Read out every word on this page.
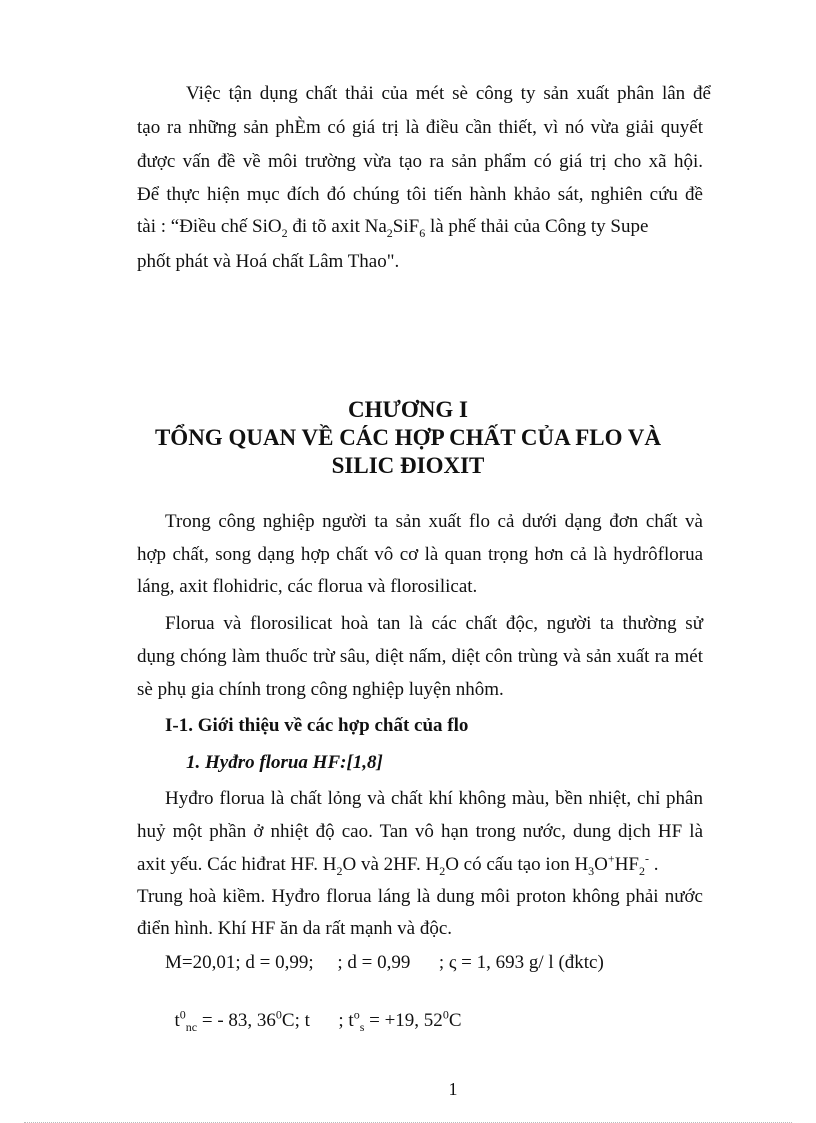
Việc tận dụng chất thải của mét sè công ty sản xuất phân lân để
tạo ra những sản phÈm có giá trị là điều cần thiết, vì nó vừa giải quyết
được vấn đề về môi trường vừa tạo ra sản phẩm có giá trị cho xã hội.
Để thực hiện mục đích đó chúng tôi tiến hành khảo sát, nghiên cứu đề
tài : “Điều chế SiO$_2$ đi tõ axit $Na_2SiF_6$ là phế thải của Công ty Supe
phốt phát và Hoá chất Lâm Thao".
CHƯƠNG I
TỔNG QUAN VỀ CÁC HỢP CHẤT CỦA FLO VÀ
SILIC ĐIOXIT
Trong công nghiệp người ta sản xuất flo cả dưới dạng đơn chất và
hợp chất, song dạng hợp chất vô cơ là quan trọng hơn cả là hydrôflorua
láng, axit flohidric, các florua và florosilicat.
Florua và florosilicat hoà tan là các chất độc, người ta thường sử
dụng chóng làm thuốc trừ sâu, diệt nấm, diệt côn trùng và sản xuất ra mét
sè phụ gia chính trong công nghiệp luyện nhôm.
I-1. Giới thiệu về các hợp chất của flo
1. Hyđro florua HF:[1,8]
Hyđro florua là chất lỏng và chất khí không màu, bền nhiệt, chỉ phân
huỷ một phần ở nhiệt độ cao. Tan vô hạn trong nước, dung dịch HF là
axit yếu. Các hiđrat HF. $H_2O$ và 2HF. $H_2O$ có cấu tạo ion $H_3O^+HF_2^-$ .
Trung hoà kiềm. Hyđro florua láng là dung môi proton không phải nước
điển hình. Khí HF ăn da rất mạnh và độc.
M=20,01; d = 0,99;     ; d = 0,99      ; ς = 1, 693 g/ l (đktc)

$t^0_{nc}$ = - 83, $36^0C$; t      ; $t^o_s = +19$, $52^0C$

1
